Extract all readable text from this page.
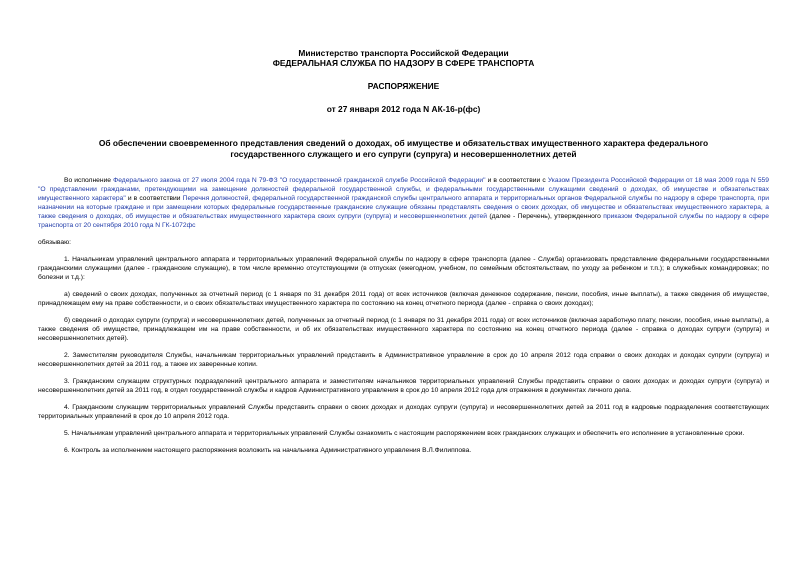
Министерство транспорта Российской Федерации
ФЕДЕРАЛЬНАЯ СЛУЖБА ПО НАДЗОРУ В СФЕРЕ ТРАНСПОРТА
РАСПОРЯЖЕНИЕ
от 27 января 2012 года N АК-16-р(фс)
Об обеспечении своевременного представления сведений о доходах, об имуществе и обязательствах имущественного характера федерального государственного служащего и его супруги (супруга) и несовершеннолетних детей

Во исполнение Федерального закона от 27 июля 2004 года N 79-ФЗ "О государственной гражданской службе Российской Федерации" и в соответствии с Указом Президента Российской Федерации от 18 мая 2009 года N 559 "О представлении гражданами, претендующими на замещение должностей федеральной государственной службы, и федеральными государственными служащими сведений о доходах, об имуществе и обязательствах имущественного характера" и в соответствии Перечня должностей, федеральной государственной гражданской службы центрального аппарата и территориальных органов Федеральной службы по надзору в сфере транспорта, при назначении на которые граждане и при замещении которых федеральные государственные гражданские служащие обязаны представлять сведения о своих доходах, об имуществе и обязательствах имущественного характера, а также сведения о доходах, об имуществе и обязательствах имущественного характера своих супруги (супруга) и несовершеннолетних детей (далее - Перечень), утвержденного приказом Федеральной службы по надзору в сфере транспорта от 20 сентября 2010 года N ГК-1072фс

обязываю:

1. Начальникам управлений центрального аппарата и территориальных управлений Федеральной службы по надзору в сфере транспорта (далее - Служба) организовать представление федеральными государственными гражданскими служащими (далее - гражданские служащие), в том числе временно отсутствующими (в отпусках (ежегодном, учебном, по семейным обстоятельствам, по уходу за ребенком и т.п.); в служебных командировках; по болезни и т.д.):

а) сведений о своих доходах, полученных за отчетный период (с 1 января по 31 декабря 2011 года) от всех источников (включая денежное содержание, пенсии, пособия, иные выплаты), а также сведения об имуществе, принадлежащем ему на праве собственности, и о своих обязательствах имущественного характера по состоянию на конец отчетного периода (далее - справка о своих доходах);

б) сведений о доходах супруги (супруга) и несовершеннолетних детей, полученных за отчетный период (с 1 января по 31 декабря 2011 года) от всех источников (включая заработную плату, пенсии, пособия, иные выплаты), а также сведения об имуществе, принадлежащем им на праве собственности, и об их обязательствах имущественного характера по состоянию на конец отчетного периода (далее - справка о доходах супруги (супруга) и несовершеннолетних детей).

2. Заместителям руководителя Службы, начальникам территориальных управлений представить в Административное управление в срок до 10 апреля 2012 года справки о своих доходах и доходах супруги (супруга) и несовершеннолетних детей за 2011 год, а также их заверенные копии.

3. Гражданским служащим структурных подразделений центрального аппарата и заместителям начальников территориальных управлений Службы представить справки о своих доходах и доходах супруги (супруга) и несовершеннолетних детей за 2011 год, в отдел государственной службы и кадров Административного управления в срок до 10 апреля 2012 года для отражения в документах личного дела.

4. Гражданским служащим территориальных управлений Службы представить справки о своих доходах и доходах супруги (супруга) и несовершеннолетних детей за 2011 год в кадровые подразделения соответствующих территориальных управлений в срок до 10 апреля 2012 года.

5. Начальникам управлений центрального аппарата и территориальных управлений Службы ознакомить с настоящим распоряжением всех гражданских служащих и обеспечить его исполнение в установленные сроки.

6. Контроль за исполнением настоящего распоряжения возложить на начальника Административного управления В.Л.Филиппова.
